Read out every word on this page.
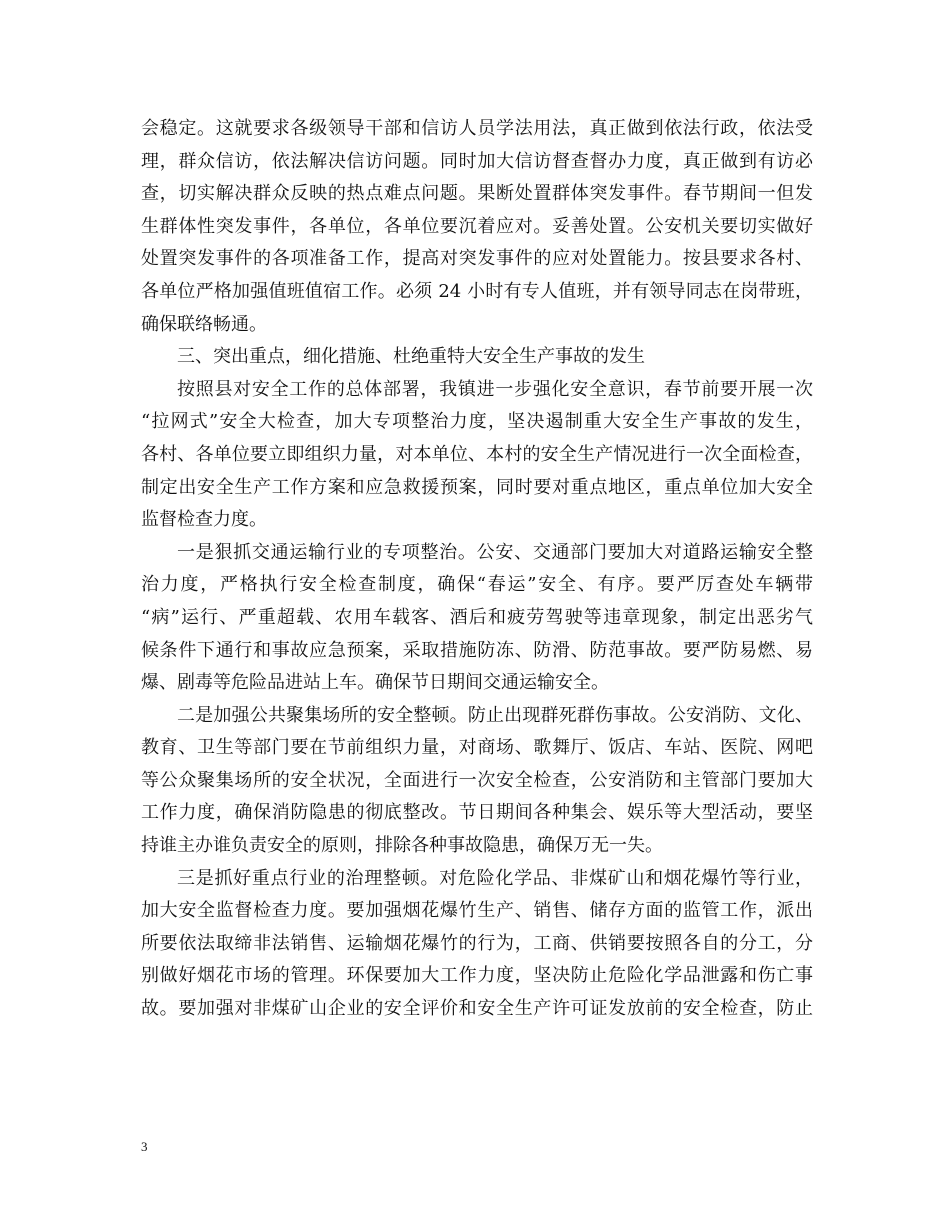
会稳定。这就要求各级领导干部和信访人员学法用法，真正做到依法行政，依法受
理，群众信访，依法解决信访问题。同时加大信访督查督办力度，真正做到有访必
查，切实解决群众反映的热点难点问题。果断处置群体突发事件。春节期间一但发
生群体性突发事件，各单位，各单位要沉着应对。妥善处置。公安机关要切实做好
处置突发事件的各项准备工作，提高对突发事件的应对处置能力。按县要求各村、
各单位严格加强值班值宿工作。必须 24 小时有专人值班，并有领导同志在岗带班，
确保联络畅通。
三、突出重点，细化措施、杜绝重特大安全生产事故的发生
按照县对安全工作的总体部署，我镇进一步强化安全意识，春节前要开展一次
“拉网式”安全大检查，加大专项整治力度，坚决遏制重大安全生产事故的发生，
各村、各单位要立即组织力量，对本单位、本村的安全生产情况进行一次全面检查，
制定出安全生产工作方案和应急救援预案，同时要对重点地区，重点单位加大安全
监督检查力度。
一是狠抓交通运输行业的专项整治。公安、交通部门要加大对道路运输安全整
治力度，严格执行安全检查制度，确保“春运”安全、有序。要严厉查处车辆带
“病”运行、严重超载、农用车载客、酒后和疲劳驾驶等违章现象，制定出恶劣气
候条件下通行和事故应急预案，采取措施防冻、防滑、防范事故。要严防易燃、易
爆、剧毒等危险品进站上车。确保节日期间交通运输安全。
二是加强公共聚集场所的安全整顿。防止出现群死群伤事故。公安消防、文化、
教育、卫生等部门要在节前组织力量，对商场、歌舞厅、饭店、车站、医院、网吧
等公众聚集场所的安全状况，全面进行一次安全检查，公安消防和主管部门要加大
工作力度，确保消防隐患的彻底整改。节日期间各种集会、娱乐等大型活动，要坚
持谁主办谁负责安全的原则，排除各种事故隐患，确保万无一失。
三是抓好重点行业的治理整顿。对危险化学品、非煤矿山和烟花爆竹等行业，
加大安全监督检查力度。要加强烟花爆竹生产、销售、储存方面的监管工作，派出
所要依法取缔非法销售、运输烟花爆竹的行为，工商、供销要按照各自的分工，分
别做好烟花市场的管理。环保要加大工作力度，坚决防止危险化学品泄露和伤亡事
故。要加强对非煤矿山企业的安全评价和安全生产许可证发放前的安全检查，防止
3
